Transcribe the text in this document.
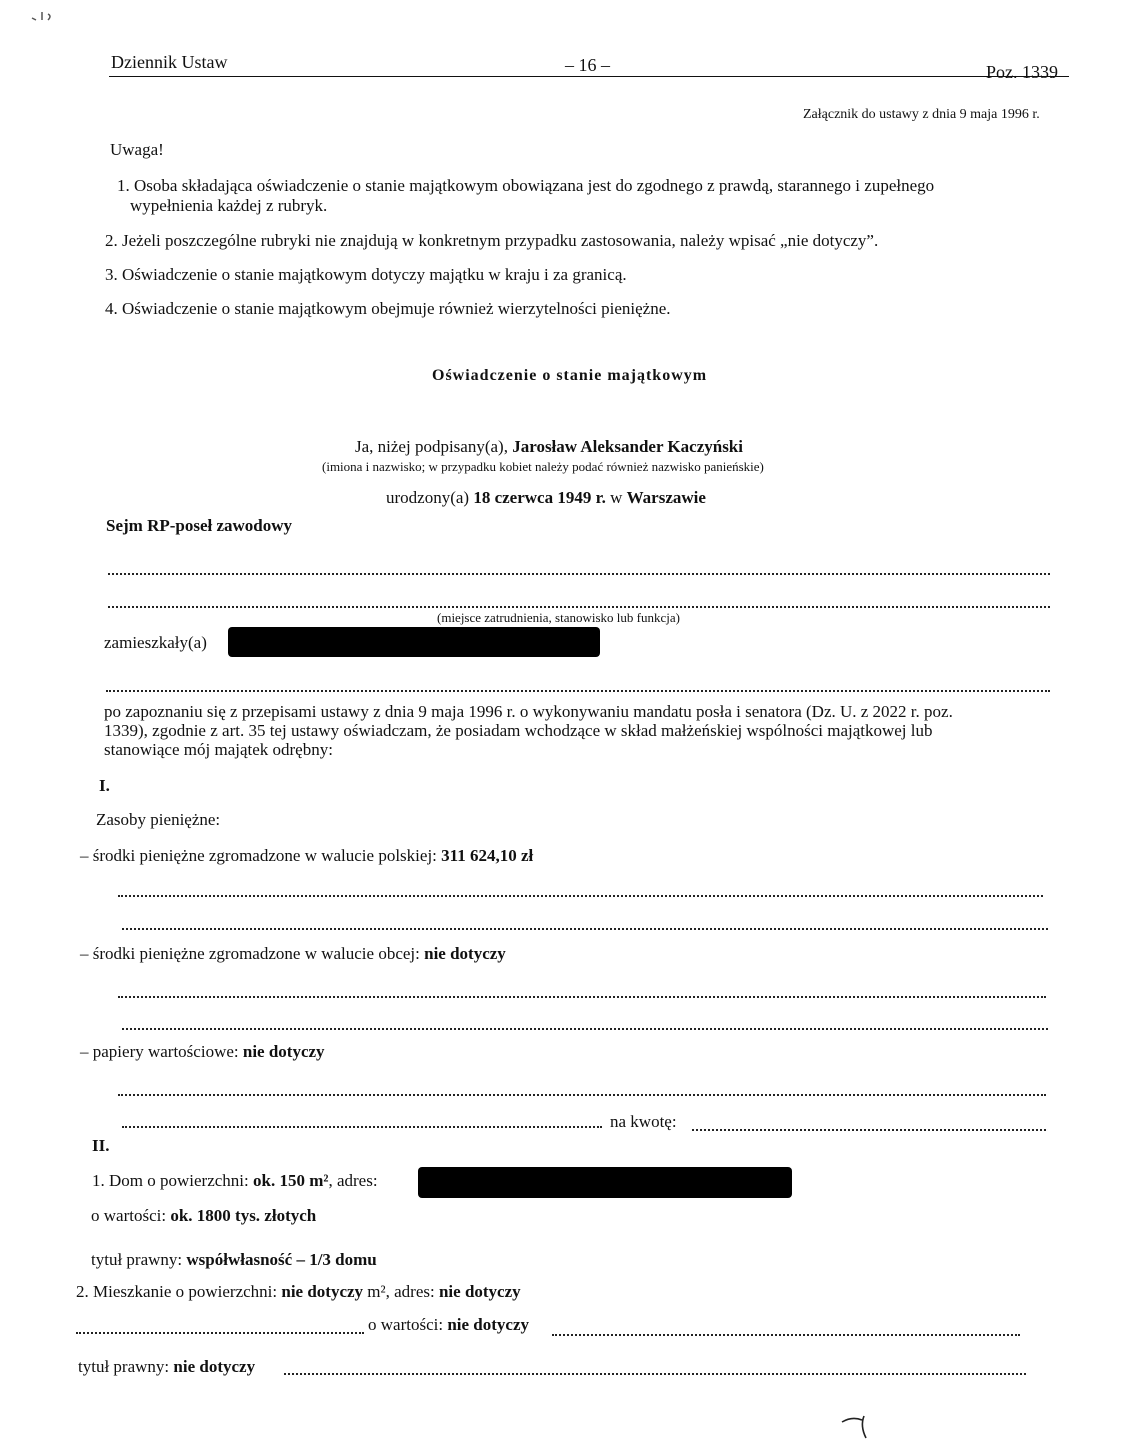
Dziennik Ustaw	– 16 –	Poz. 1339
Załącznik do ustawy z dnia 9 maja 1996 r.
Uwaga!
1. Osoba składająca oświadczenie o stanie majątkowym obowiązana jest do zgodnego z prawdą, starannego i zupełnego
wypełnienia każdej z rubryk.
2. Jeżeli poszczególne rubryki nie znajdują w konkretnym przypadku zastosowania, należy wpisać „nie dotyczy”.
3. Oświadczenie o stanie majątkowym dotyczy majątku w kraju i za granicą.
4. Oświadczenie o stanie majątkowym obejmuje również wierzytelności pieniężne.
Oświadczenie o stanie majątkowym
Ja, niżej podpisany(a), Jarosław Aleksander Kaczyński
(imiona i nazwisko; w przypadku kobiet należy podać również nazwisko panieńskie)
urodzony(a) 18 czerwca 1949 r. w Warszawie
Sejm RP-poseł zawodowy
(miejsce zatrudnienia, stanowisko lub funkcja)
zamieszkały(a)
po zapoznaniu się z przepisami ustawy z dnia 9 maja 1996 r. o wykonywaniu mandatu posła i senatora (Dz. U. z 2022 r. poz.
1339), zgodnie z art. 35 tej ustawy oświadczam, że posiadam wchodzące w skład małżeńskiej wspólności majątkowej lub
stanowiące mój majątek odrębny:
I.
Zasoby pieniężne:
– środki pieniężne zgromadzone w walucie polskiej: 311 624,10 zł
– środki pieniężne zgromadzone w walucie obcej: nie dotyczy
– papiery wartościowe: nie dotyczy
na kwotę:
II.
1. Dom o powierzchni: ok. 150 m², adres:
o wartości: ok. 1800 tys. złotych
tytuł prawny: współwłasność – 1/3 domu
2. Mieszkanie o powierzchni: nie dotyczy m², adres: nie dotyczy
o wartości: nie dotyczy
tytuł prawny: nie dotyczy
